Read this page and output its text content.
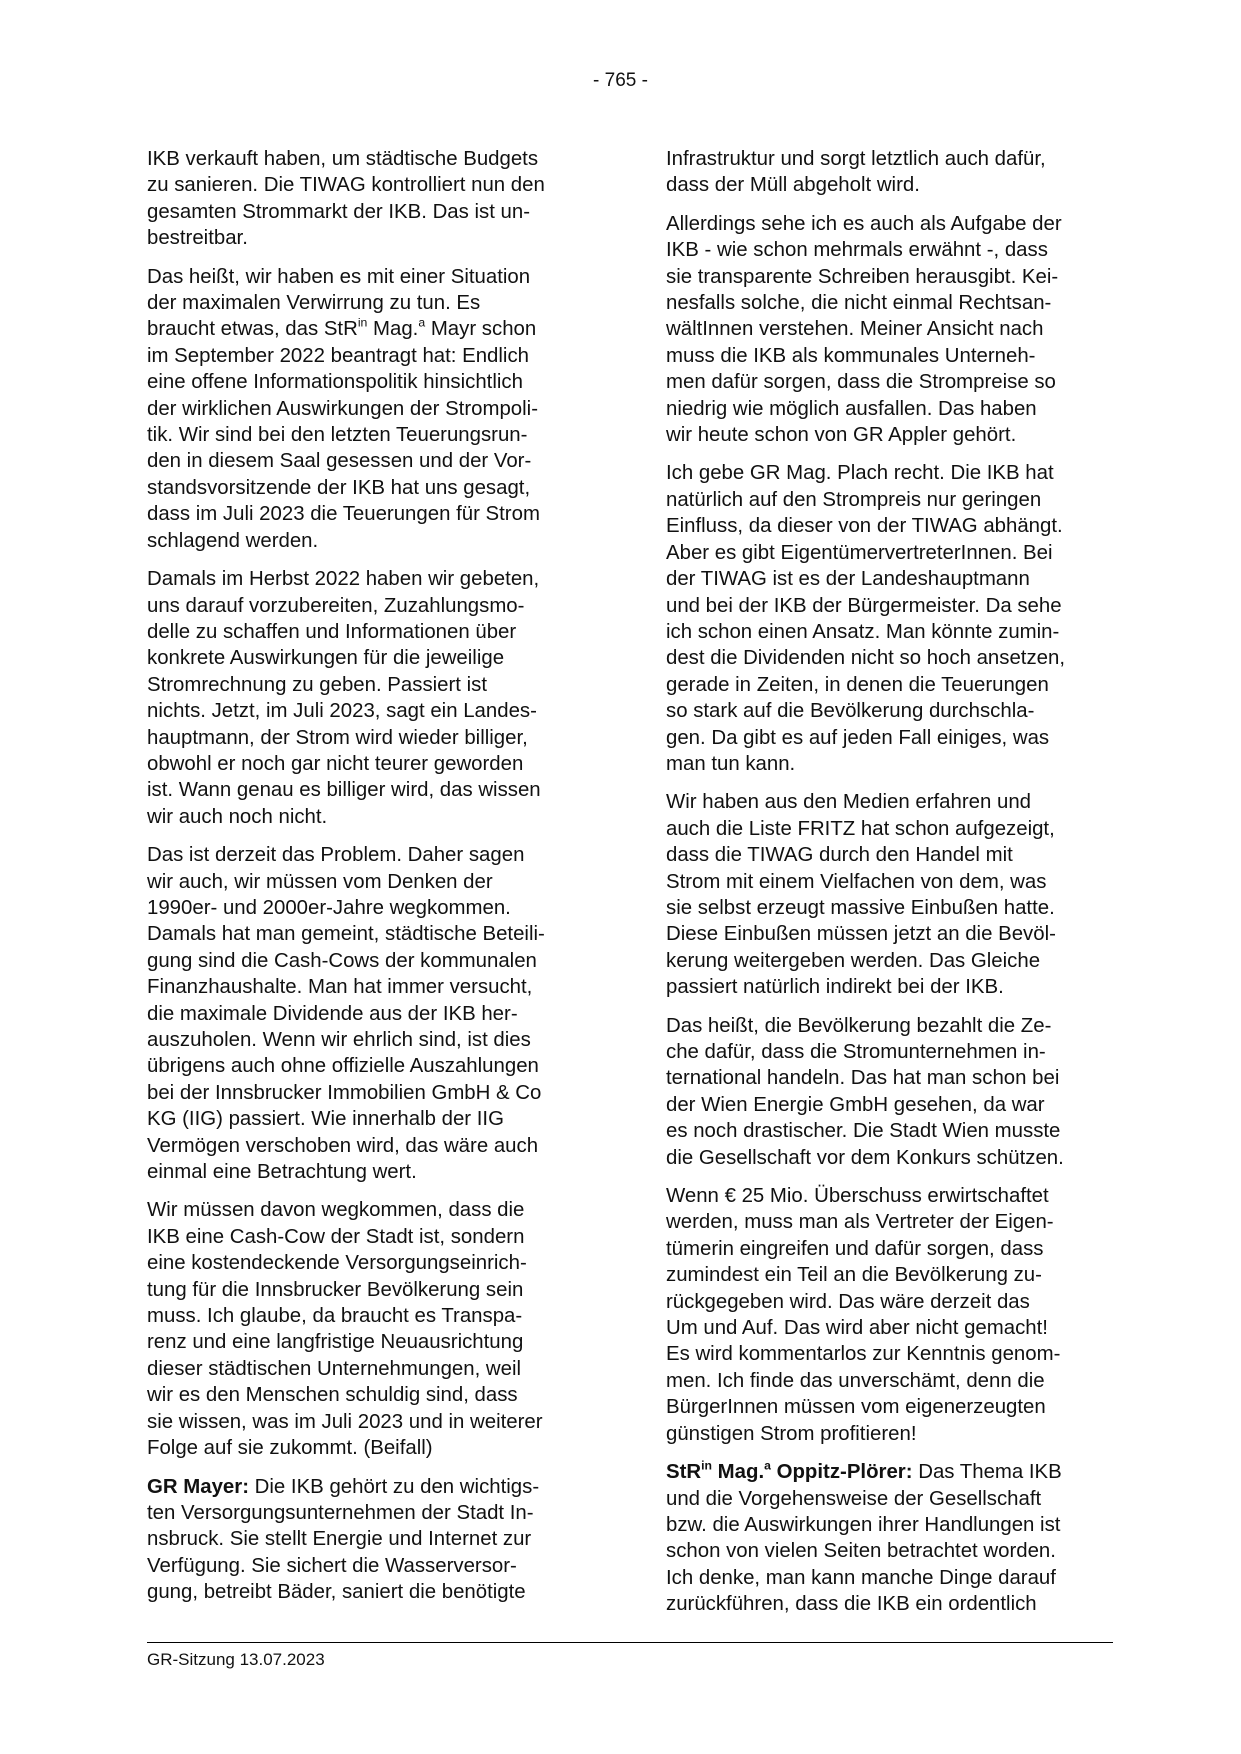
- 765 -

IKB verkauft haben, um städtische Budgets
zu sanieren. Die TIWAG kontrolliert nun den
gesamten Strommarkt der IKB. Das ist un-
bestreitbar.

Das heißt, wir haben es mit einer Situation
der maximalen Verwirrung zu tun. Es
braucht etwas, das StR$^{in}$ Mag.$^a$ Mayr schon
im September 2022 beantragt hat: Endlich
eine offene Informationspolitik hinsichtlich
der wirklichen Auswirkungen der Strompoli-
tik. Wir sind bei den letzten Teuerungsrun-
den in diesem Saal gesessen und der Vor-
standsvorsitzende der IKB hat uns gesagt,
dass im Juli 2023 die Teuerungen für Strom
schlagend werden.

Damals im Herbst 2022 haben wir gebeten,
uns darauf vorzubereiten, Zuzahlungsmo-
delle zu schaffen und Informationen über
konkrete Auswirkungen für die jeweilige
Stromrechnung zu geben. Passiert ist
nichts. Jetzt, im Juli 2023, sagt ein Landes-
hauptmann, der Strom wird wieder billiger,
obwohl er noch gar nicht teurer geworden
ist. Wann genau es billiger wird, das wissen
wir auch noch nicht.

Das ist derzeit das Problem. Daher sagen
wir auch, wir müssen vom Denken der
1990er- und 2000er-Jahre wegkommen.
Damals hat man gemeint, städtische Beteili-
gung sind die Cash-Cows der kommunalen
Finanzhaushalte. Man hat immer versucht,
die maximale Dividende aus der IKB her-
auszuholen. Wenn wir ehrlich sind, ist dies
übrigens auch ohne offizielle Auszahlungen
bei der Innsbrucker Immobilien GmbH & Co
KG (IIG) passiert. Wie innerhalb der IIG
Vermögen verschoben wird, das wäre auch
einmal eine Betrachtung wert.

Wir müssen davon wegkommen, dass die
IKB eine Cash-Cow der Stadt ist, sondern
eine kostendeckende Versorgungseinrich-
tung für die Innsbrucker Bevölkerung sein
muss. Ich glaube, da braucht es Transpa-
renz und eine langfristige Neuausrichtung
dieser städtischen Unternehmungen, weil
wir es den Menschen schuldig sind, dass
sie wissen, was im Juli 2023 und in weiterer
Folge auf sie zukommt. (Beifall)

GR Mayer: Die IKB gehört zu den wichtigs-
ten Versorgungsunternehmen der Stadt In-
nsbruck. Sie stellt Energie und Internet zur
Verfügung. Sie sichert die Wasserversor-
gung, betreibt Bäder, saniert die benötigte

Infrastruktur und sorgt letztlich auch dafür,
dass der Müll abgeholt wird.

Allerdings sehe ich es auch als Aufgabe der
IKB - wie schon mehrmals erwähnt -, dass
sie transparente Schreiben herausgibt. Kei-
nesfalls solche, die nicht einmal Rechtsan-
wältInnen verstehen. Meiner Ansicht nach
muss die IKB als kommunales Unterneh-
men dafür sorgen, dass die Strompreise so
niedrig wie möglich ausfallen. Das haben
wir heute schon von GR Appler gehört.

Ich gebe GR Mag. Plach recht. Die IKB hat
natürlich auf den Strompreis nur geringen
Einfluss, da dieser von der TIWAG abhängt.
Aber es gibt EigentümervertreterInnen. Bei
der TIWAG ist es der Landeshauptmann
und bei der IKB der Bürgermeister. Da sehe
ich schon einen Ansatz. Man könnte zumin-
dest die Dividenden nicht so hoch ansetzen,
gerade in Zeiten, in denen die Teuerungen
so stark auf die Bevölkerung durchschla-
gen. Da gibt es auf jeden Fall einiges, was
man tun kann.

Wir haben aus den Medien erfahren und
auch die Liste FRITZ hat schon aufgezeigt,
dass die TIWAG durch den Handel mit
Strom mit einem Vielfachen von dem, was
sie selbst erzeugt massive Einbußen hatte.
Diese Einbußen müssen jetzt an die Bevöl-
kerung weitergeben werden. Das Gleiche
passiert natürlich indirekt bei der IKB.

Das heißt, die Bevölkerung bezahlt die Ze-
che dafür, dass die Stromunternehmen in-
ternational handeln. Das hat man schon bei
der Wien Energie GmbH gesehen, da war
es noch drastischer. Die Stadt Wien musste
die Gesellschaft vor dem Konkurs schützen.

Wenn € 25 Mio. Überschuss erwirtschaftet
werden, muss man als Vertreter der Eigen-
tümerin eingreifen und dafür sorgen, dass
zumindest ein Teil an die Bevölkerung zu-
rückgegeben wird. Das wäre derzeit das
Um und Auf. Das wird aber nicht gemacht!
Es wird kommentarlos zur Kenntnis genom-
men. Ich finde das unverschämt, denn die
BürgerInnen müssen vom eigenerzeugten
günstigen Strom profitieren!

StR$^{in}$ Mag.$^a$ Oppitz-Plörer: Das Thema IKB
und die Vorgehensweise der Gesellschaft
bzw. die Auswirkungen ihrer Handlungen ist
schon von vielen Seiten betrachtet worden.
Ich denke, man kann manche Dinge darauf
zurückführen, dass die IKB ein ordentlich

GR-Sitzung 13.07.2023
